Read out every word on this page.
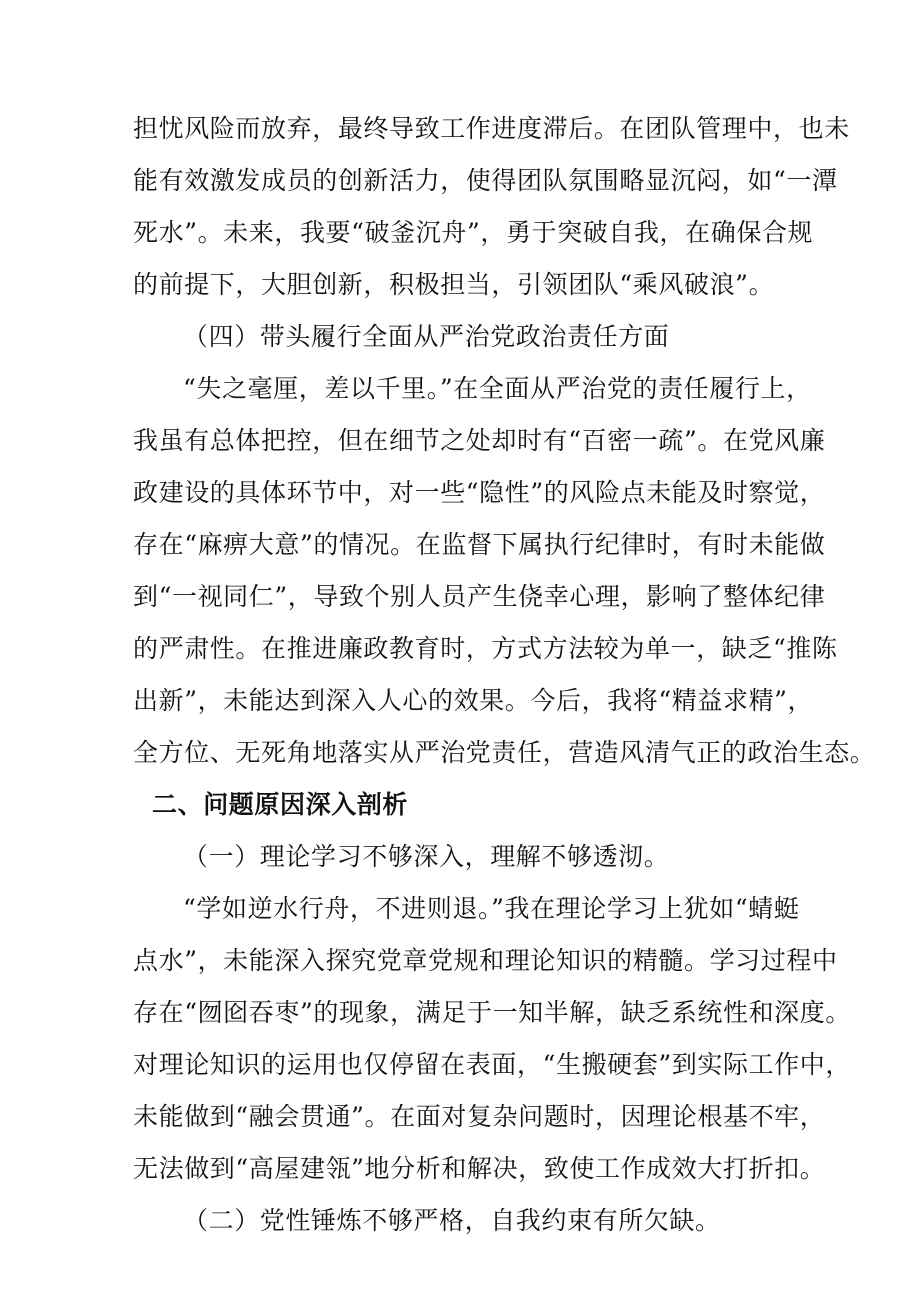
担忧风险而放弃，最终导致工作进度滞后。在团队管理中，也未
能有效激发成员的创新活力，使得团队氛围略显沉闷，如“一潭
死水”。未来，我要“破釜沉舟”，勇于突破自我，在确保合规
的前提下，大胆创新，积极担当，引领团队“乘风破浪”。
（四）带头履行全面从严治党政治责任方面
“失之毫厘，差以千里。”在全面从严治党的责任履行上，
我虽有总体把控，但在细节之处却时有“百密一疏”。在党风廉
政建设的具体环节中，对一些“隐性”的风险点未能及时察觉，
存在“麻痹大意”的情况。在监督下属执行纪律时，有时未能做
到“一视同仁”，导致个别人员产生侥幸心理，影响了整体纪律
的严肃性。在推进廉政教育时，方式方法较为单一，缺乏“推陈
出新”，未能达到深入人心的效果。今后，我将“精益求精”，
全方位、无死角地落实从严治党责任，营造风清气正的政治生态。
二、问题原因深入剖析
（一）理论学习不够深入，理解不够透沏。
“学如逆水行舟，不进则退。”我在理论学习上犹如“蜻蜓
点水”，未能深入探究党章党规和理论知识的精髓。学习过程中
存在“囫囵吞枣”的现象，满足于一知半解，缺乏系统性和深度。
对理论知识的运用也仅停留在表面，“生搬硬套”到实际工作中，
未能做到“融会贯通”。在面对复杂问题时，因理论根基不牢，
无法做到“高屋建瓴”地分析和解决，致使工作成效大打折扣。
（二）党性锤炼不够严格，自我约束有所欠缺。
